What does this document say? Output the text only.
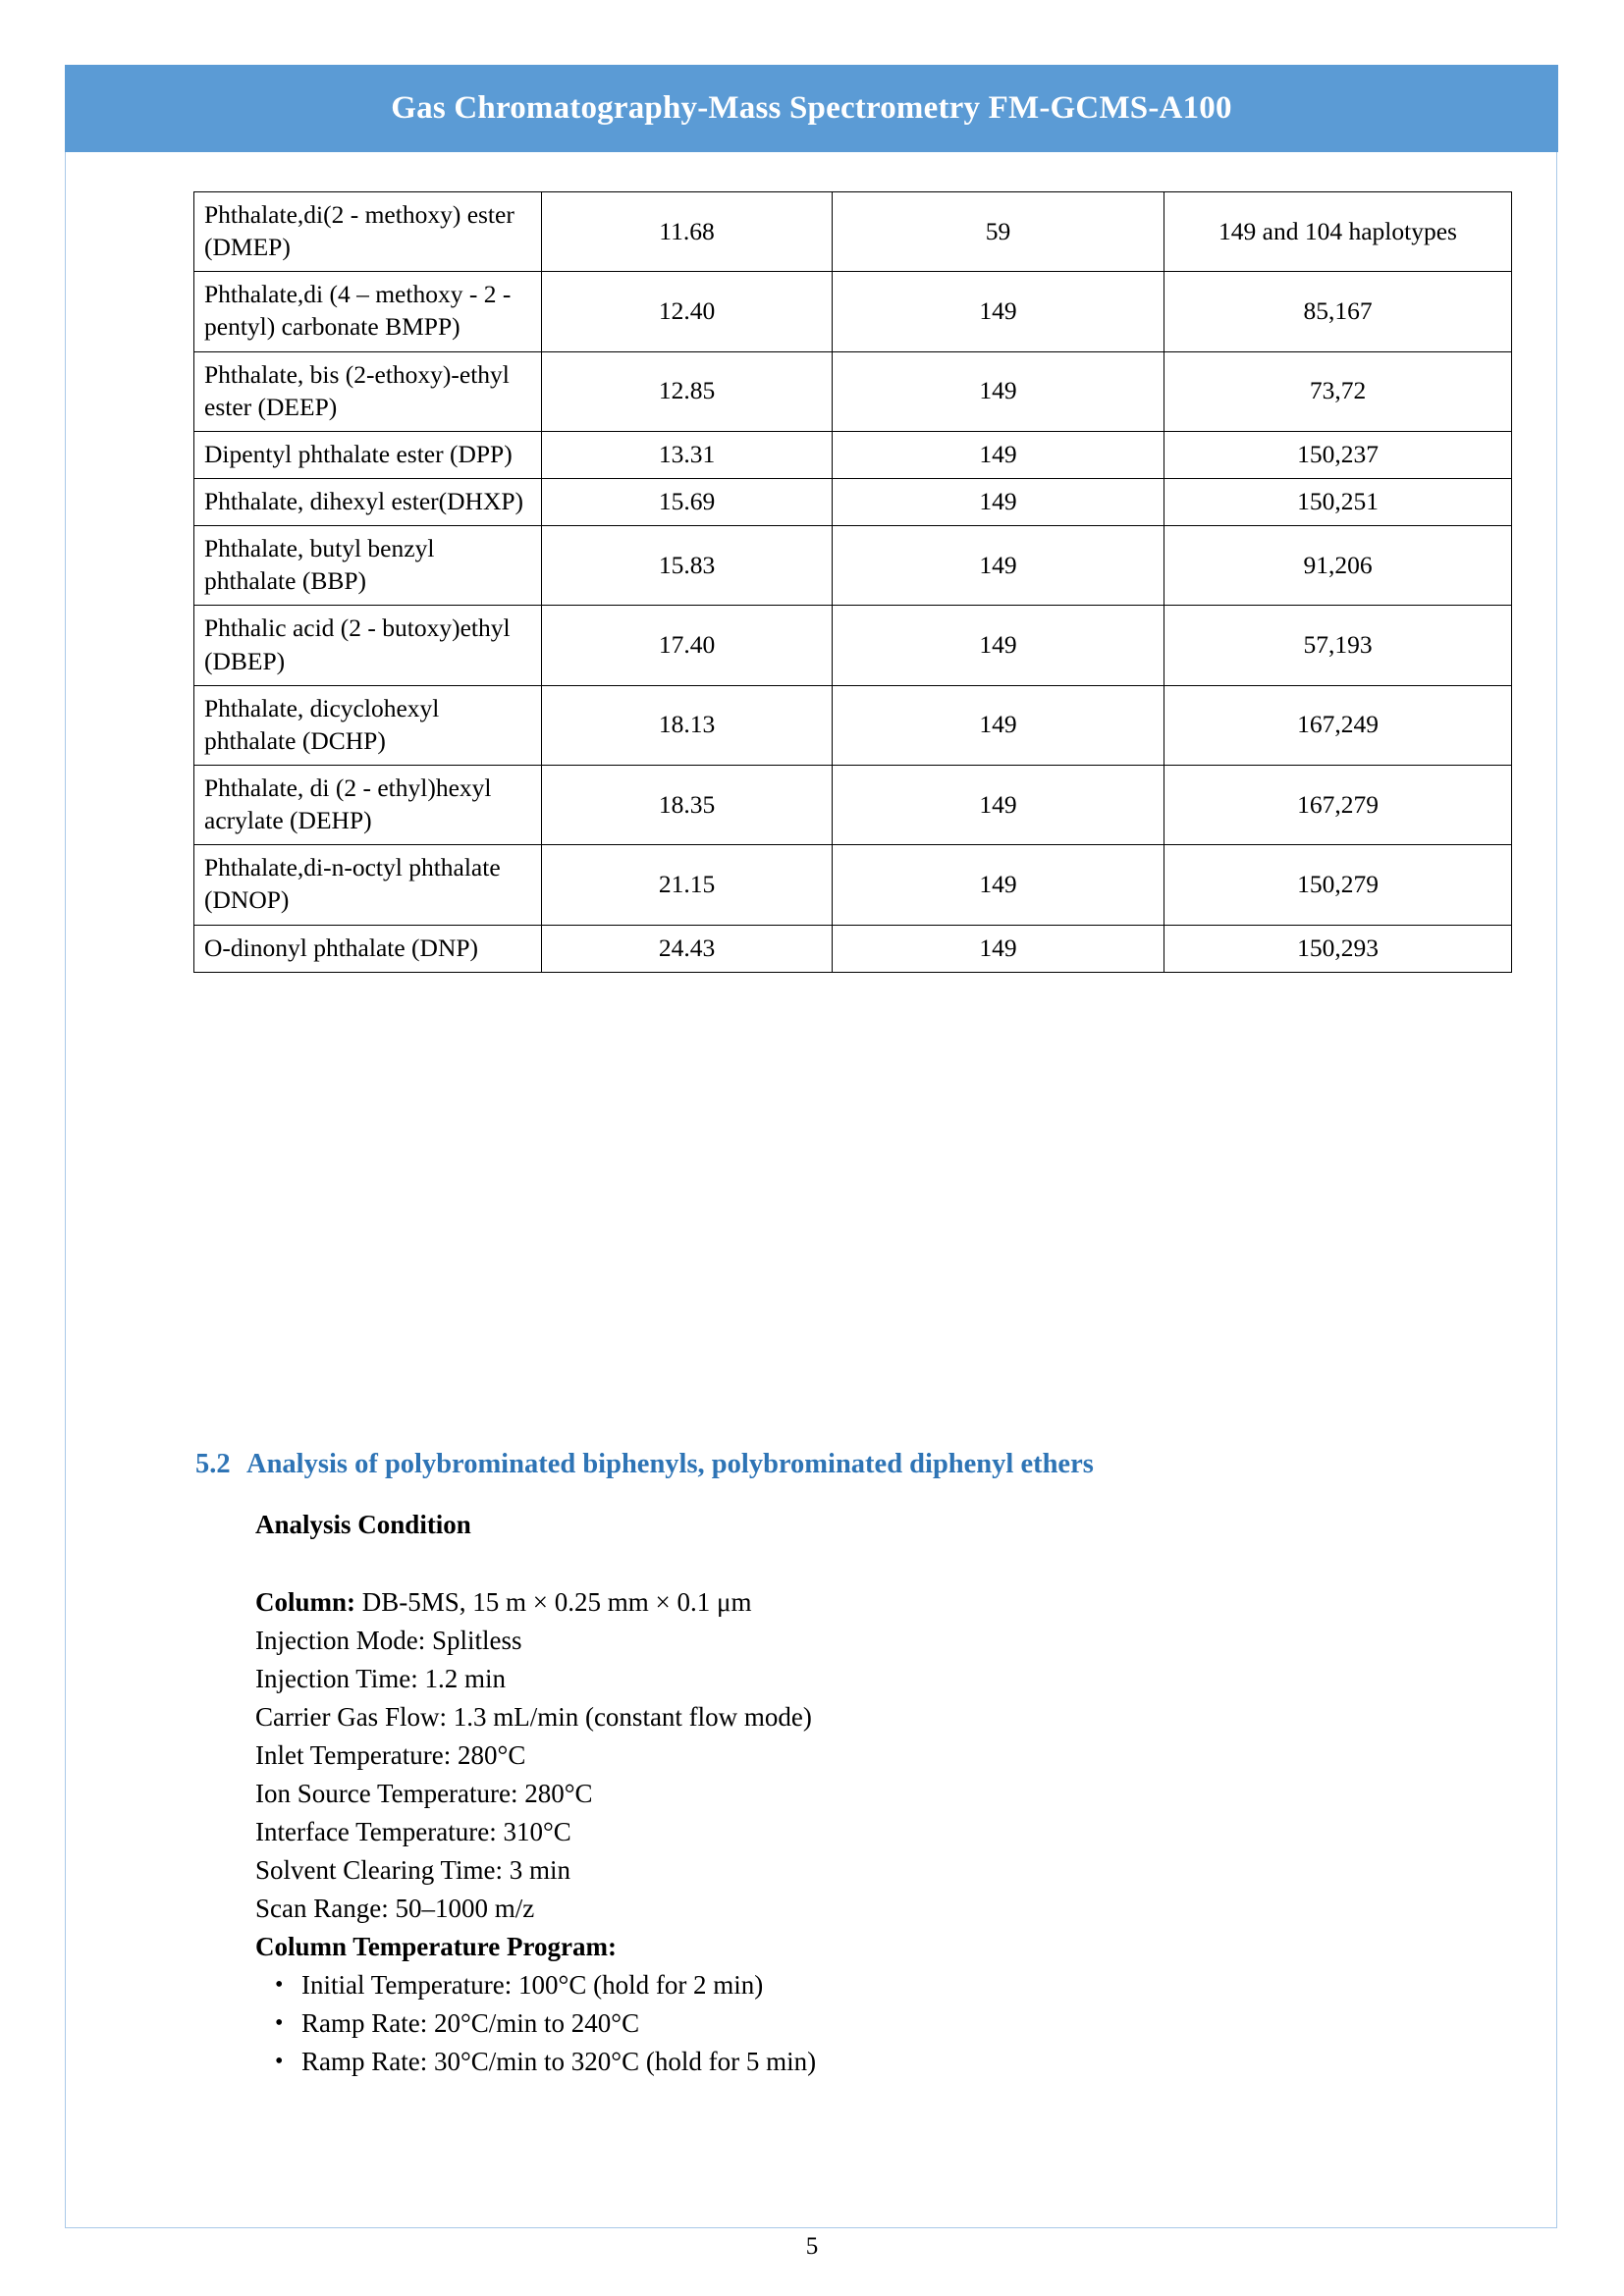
Gas Chromatography-Mass Spectrometry FM-GCMS-A100
Phthalate,di(2 - methoxy) ester (DMEP)	11.68	59	149 and 104 haplotypes
Phthalate,di (4 – methoxy - 2 - pentyl) carbonate BMPP)	12.40	149	85,167
Phthalate, bis (2-ethoxy)-ethyl ester (DEEP)	12.85	149	73,72
Dipentyl phthalate ester (DPP)	13.31	149	150,237
Phthalate, dihexyl ester(DHXP)	15.69	149	150,251
Phthalate, butyl benzyl phthalate (BBP)	15.83	149	91,206
Phthalic acid (2 - butoxy)ethyl (DBEP)	17.40	149	57,193
Phthalate, dicyclohexyl phthalate (DCHP)	18.13	149	167,249
Phthalate, di (2 - ethyl)hexyl acrylate (DEHP)	18.35	149	167,279
Phthalate,di-n-octyl phthalate (DNOP)	21.15	149	150,279
O-dinonyl phthalate (DNP)	24.43	149	150,293
5.2 Analysis of polybrominated biphenyls, polybrominated diphenyl ethers
Analysis Condition
Column: DB-5MS, 15 m × 0.25 mm × 0.1 μm
Injection Mode: Splitless
Injection Time: 1.2 min
Carrier Gas Flow: 1.3 mL/min (constant flow mode)
Inlet Temperature: 280°C
Ion Source Temperature: 280°C
Interface Temperature: 310°C
Solvent Clearing Time: 3 min
Scan Range: 50–1000 m/z
Column Temperature Program:
• Initial Temperature: 100°C (hold for 2 min)
• Ramp Rate: 20°C/min to 240°C
• Ramp Rate: 30°C/min to 320°C (hold for 5 min)
5
